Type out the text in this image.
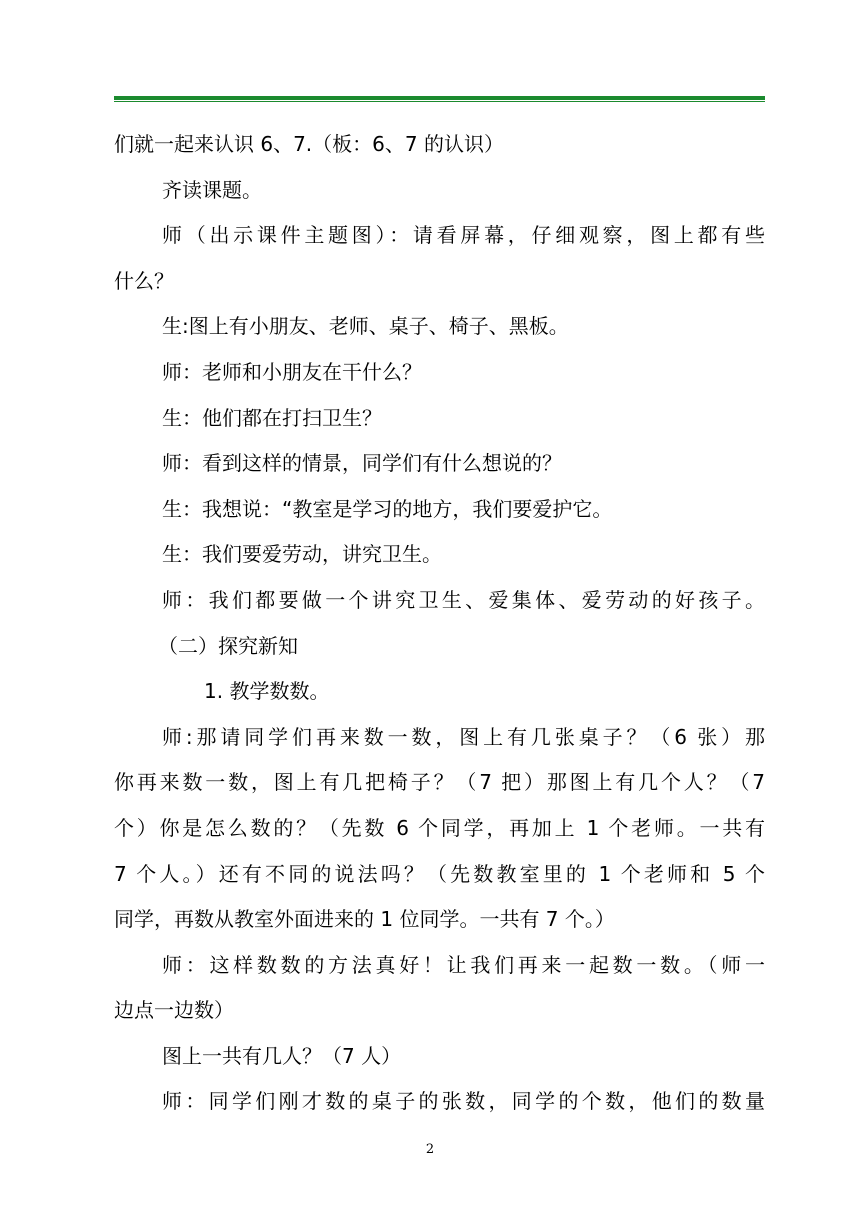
们就一起来认识 6、7.（板：6、7 的认识）
齐读课题。
师（出示课件主题图）：请看屏幕，仔细观察，图上都有些
什么？
生:图上有小朋友、老师、桌子、椅子、黑板。
师：老师和小朋友在干什么？
生：他们都在打扫卫生？
师：看到这样的情景，同学们有什么想说的？
生：我想说：“教室是学习的地方，我们要爱护它。
生：我们要爱劳动，讲究卫生。
师：我们都要做一个讲究卫生、爱集体、爱劳动的好孩子。
（二）探究新知
1. 教学数数。
师:那请同学们再来数一数，图上有几张桌子？（6 张）那
你再来数一数，图上有几把椅子？（7 把）那图上有几个人？（7
个）你是怎么数的？（先数 6 个同学，再加上 1 个老师。一共有
7 个人。）还有不同的说法吗？（先数教室里的 1 个老师和 5 个
同学，再数从教室外面进来的 1 位同学。一共有 7 个。）
师：这样数数的方法真好！让我们再来一起数一数。（师一
边点一边数）
图上一共有几人？（7 人）
师：同学们刚才数的桌子的张数，同学的个数，他们的数量
2
